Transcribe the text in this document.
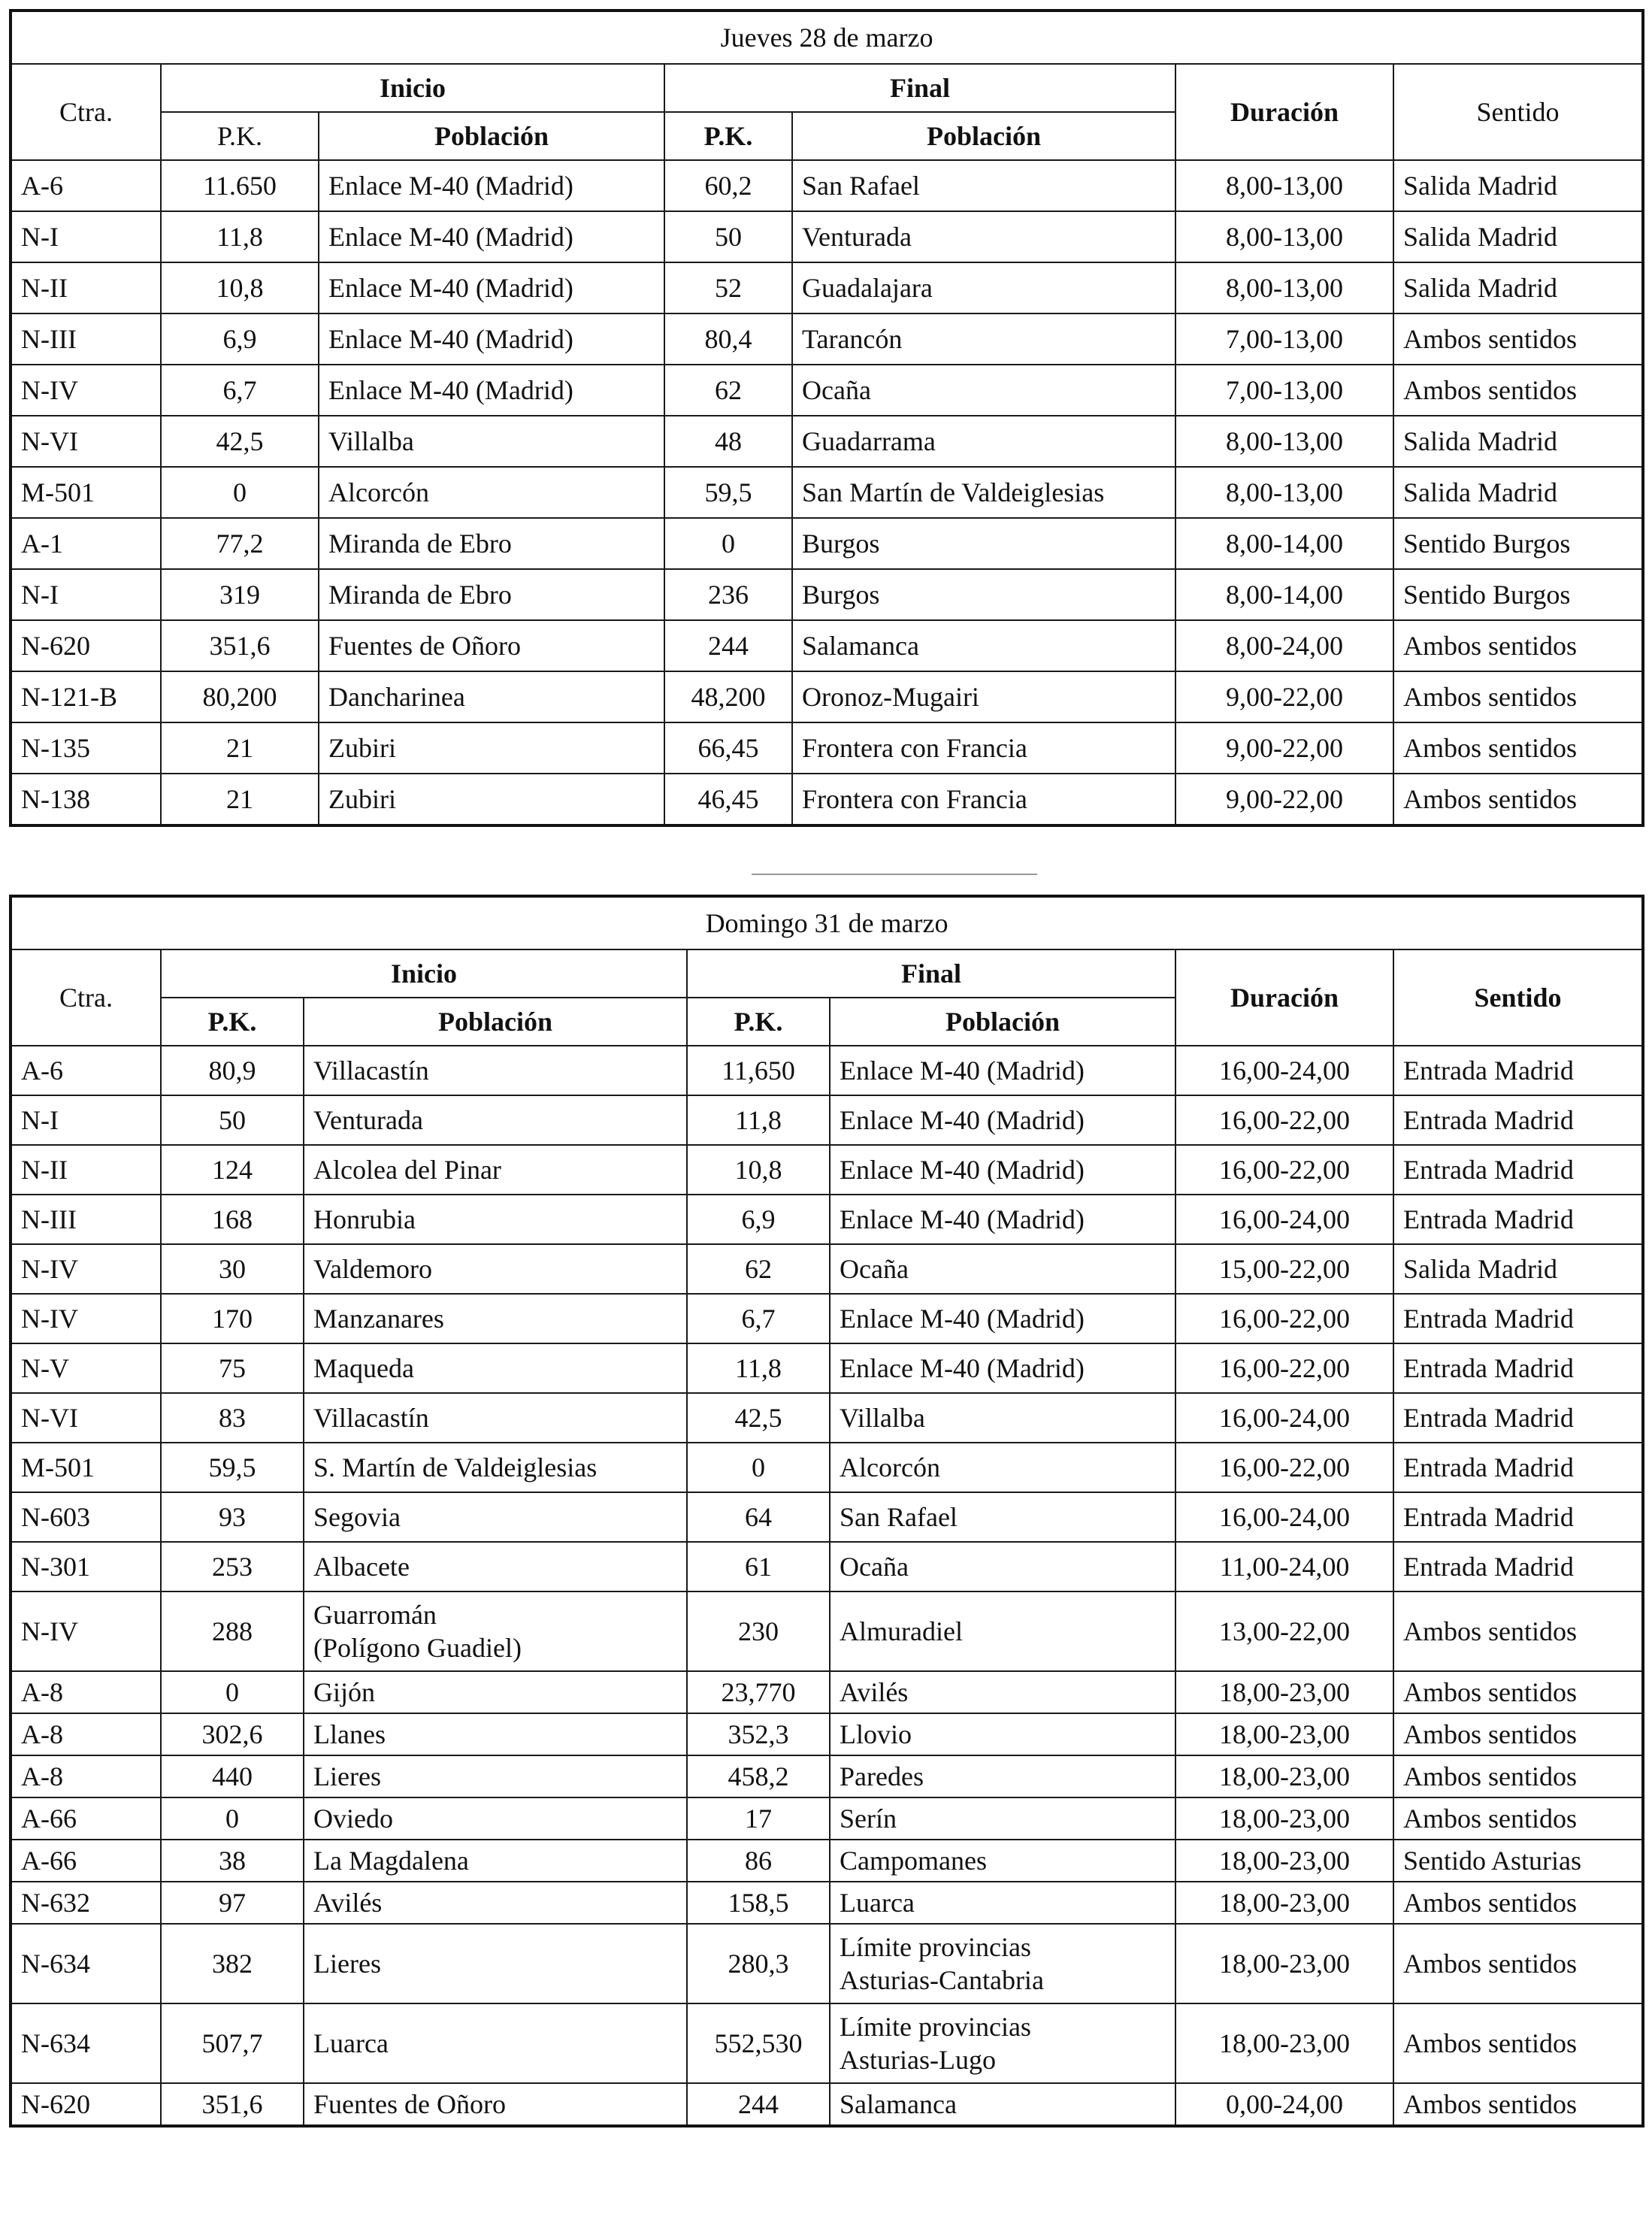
Jueves 28 de marzo						
Ctra.	Inicio		Final		Duración	Sentido
	P.K.	Población	P.K.	Población		
A-6	11.650	Enlace M-40 (Madrid)	60,2	San Rafael	8,00-13,00	Salida Madrid
N-I	11,8	Enlace M-40 (Madrid)	50	Venturada	8,00-13,00	Salida Madrid
N-II	10,8	Enlace M-40 (Madrid)	52	Guadalajara	8,00-13,00	Salida Madrid
N-III	6,9	Enlace M-40 (Madrid)	80,4	Tarancón	7,00-13,00	Ambos sentidos
N-IV	6,7	Enlace M-40 (Madrid)	62	Ocaña	7,00-13,00	Ambos sentidos
N-VI	42,5	Villalba	48	Guadarrama	8,00-13,00	Salida Madrid
M-501	0	Alcorcón	59,5	San Martín de Valdeiglesias	8,00-13,00	Salida Madrid
A-1	77,2	Miranda de Ebro	0	Burgos	8,00-14,00	Sentido Burgos
N-I	319	Miranda de Ebro	236	Burgos	8,00-14,00	Sentido Burgos
N-620	351,6	Fuentes de Oñoro	244	Salamanca	8,00-24,00	Ambos sentidos
N-121-B	80,200	Dancharinea	48,200	Oronoz-Mugairi	9,00-22,00	Ambos sentidos
N-135	21	Zubiri	66,45	Frontera con Francia	9,00-22,00	Ambos sentidos
N-138	21	Zubiri	46,45	Frontera con Francia	9,00-22,00	Ambos sentidos
Domingo 31 de marzo						
Ctra.	Inicio		Final		Duración	Sentido
	P.K.	Población	P.K.	Población		
A-6	80,9	Villacastín	11,650	Enlace M-40 (Madrid)	16,00-24,00	Entrada Madrid
N-I	50	Venturada	11,8	Enlace M-40 (Madrid)	16,00-22,00	Entrada Madrid
N-II	124	Alcolea del Pinar	10,8	Enlace M-40 (Madrid)	16,00-22,00	Entrada Madrid
N-III	168	Honrubia	6,9	Enlace M-40 (Madrid)	16,00-24,00	Entrada Madrid
N-IV	30	Valdemoro	62	Ocaña	15,00-22,00	Salida Madrid
N-IV	170	Manzanares	6,7	Enlace M-40 (Madrid)	16,00-22,00	Entrada Madrid
N-V	75	Maqueda	11,8	Enlace M-40 (Madrid)	16,00-22,00	Entrada Madrid
N-VI	83	Villacastín	42,5	Villalba	16,00-24,00	Entrada Madrid
M-501	59,5	S. Martín de Valdeiglesias	0	Alcorcón	16,00-22,00	Entrada Madrid
N-603	93	Segovia	64	San Rafael	16,00-24,00	Entrada Madrid
N-301	253	Albacete	61	Ocaña	11,00-24,00	Entrada Madrid
N-IV	288	Guarromán
(Polígono Guadiel)	230	Almuradiel	13,00-22,00	Ambos sentidos
A-8	0	Gijón	23,770	Avilés	18,00-23,00	Ambos sentidos
A-8	302,6	Llanes	352,3	Llovio	18,00-23,00	Ambos sentidos
A-8	440	Lieres	458,2	Paredes	18,00-23,00	Ambos sentidos
A-66	0	Oviedo	17	Serín	18,00-23,00	Ambos sentidos
A-66	38	La Magdalena	86	Campomanes	18,00-23,00	Sentido Asturias
N-632	97	Avilés	158,5	Luarca	18,00-23,00	Ambos sentidos
N-634	382	Lieres	280,3	Límite provincias
Asturias-Cantabria	18,00-23,00	Ambos sentidos
N-634	507,7	Luarca	552,530	Límite provincias
Asturias-Lugo	18,00-23,00	Ambos sentidos
N-620	351,6	Fuentes de Oñoro	244	Salamanca	0,00-24,00	Ambos sentidos
